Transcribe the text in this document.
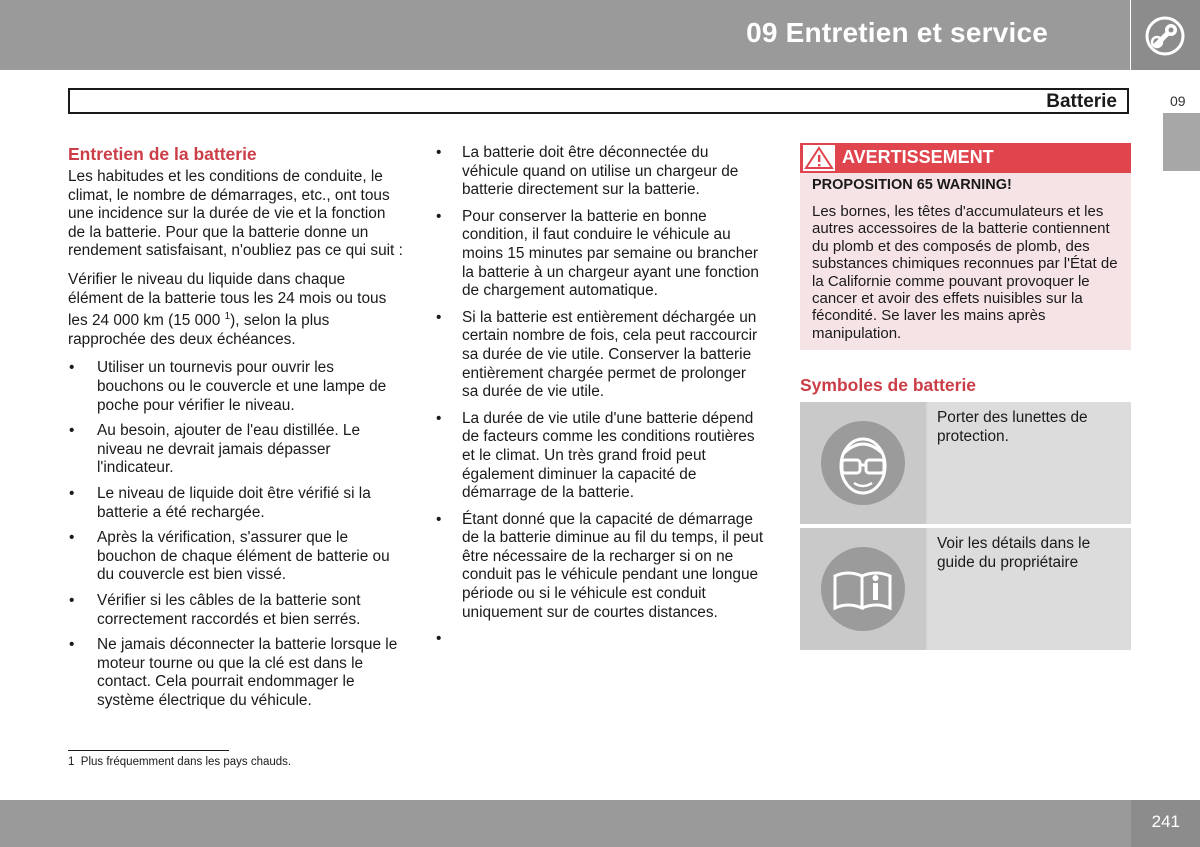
09 Entretien et service
Batterie	09
Entretien de la batterie

Les habitudes et les conditions de conduite, le climat, le nombre de démarrages, etc., ont tous une incidence sur la durée de vie et la fonction de la batterie. Pour que la batterie donne un rendement satisfaisant, n'oubliez pas ce qui suit :

Vérifier le niveau du liquide dans chaque élément de la batterie tous les 24 mois ou tous les 24 000 km (15 000 $^1$), selon la plus rapprochée des deux échéances.

• Utiliser un tournevis pour ouvrir les bouchons ou le couvercle et une lampe de poche pour vérifier le niveau.
• Au besoin, ajouter de l'eau distillée. Le niveau ne devrait jamais dépasser l'indicateur.
• Le niveau de liquide doit être vérifié si la batterie a été rechargée.
• Après la vérification, s'assurer que le bouchon de chaque élément de batterie ou du couvercle est bien vissé.
• Vérifier si les câbles de la batterie sont correctement raccordés et bien serrés.
• Ne jamais déconnecter la batterie lorsque le moteur tourne ou que la clé est dans le contact. Cela pourrait endommager le système électrique du véhicule.
• La batterie doit être déconnectée du véhicule quand on utilise un chargeur de batterie directement sur la batterie.
• Pour conserver la batterie en bonne condition, il faut conduire le véhicule au moins 15 minutes par semaine ou brancher la batterie à un chargeur ayant une fonction de chargement automatique.
• Si la batterie est entièrement déchargée un certain nombre de fois, cela peut raccourcir sa durée de vie utile. Conserver la batterie entièrement chargée permet de prolonger sa durée de vie utile.
• La durée de vie utile d'une batterie dépend de facteurs comme les conditions routières et le climat. Un très grand froid peut également diminuer la capacité de démarrage de la batterie.
• Étant donné que la capacité de démarrage de la batterie diminue au fil du temps, il peut être nécessaire de la recharger si on ne conduit pas le véhicule pendant une longue période ou si le véhicule est conduit uniquement sur de courtes distances.
•
AVERTISSEMENT
PROPOSITION 65 WARNING!
Les bornes, les têtes d'accumulateurs et les autres accessoires de la batterie contiennent du plomb et des composés de plomb, des substances chimiques reconnues par l'État de la Californie comme pouvant provoquer le cancer et avoir des effets nuisibles sur la fécondité. Se laver les mains après manipulation.
Symboles de batterie
Porter des lunettes de protection.
Voir les détails dans le guide du propriétaire
1 Plus fréquemment dans les pays chauds.
241
